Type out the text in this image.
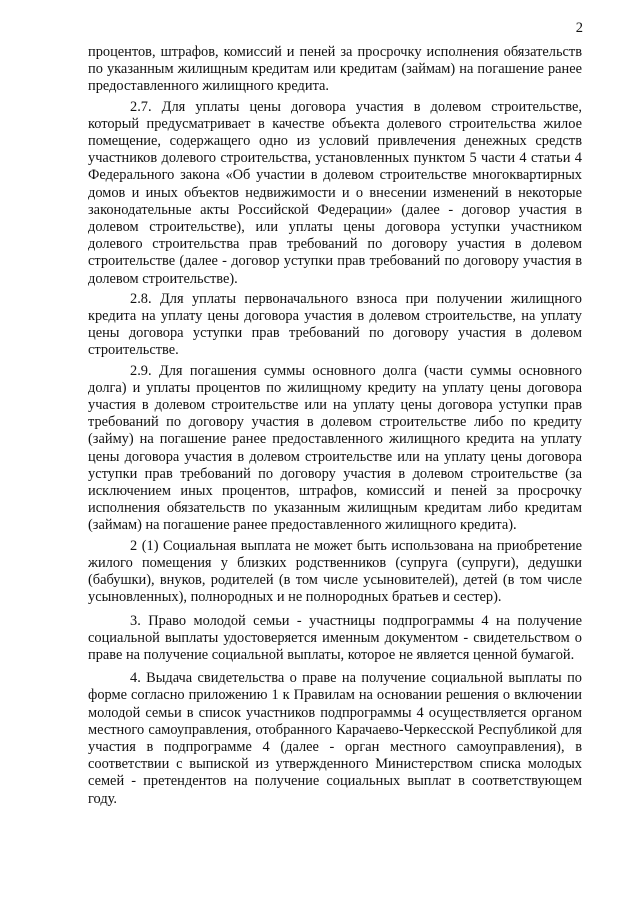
2

процентов, штрафов, комиссий и пеней за просрочку исполнения обязательств по указанным жилищным кредитам или кредитам (займам) на погашение ранее предоставленного жилищного кредита.

2.7. Для уплаты цены договора участия в долевом строительстве, который предусматривает в качестве объекта долевого строительства жилое помещение, содержащего одно из условий привлечения денежных средств участников долевого строительства, установленных пунктом 5 части 4 статьи 4 Федерального закона «Об участии в долевом строительстве многоквартирных домов и иных объектов недвижимости и о внесении изменений в некоторые законодательные акты Российской Федерации» (далее - договор участия в долевом строительстве), или уплаты цены договора уступки участником долевого строительства прав требований по договору участия в долевом строительстве (далее - договор уступки прав требований по договору участия в долевом строительстве).

2.8. Для уплаты первоначального взноса при получении жилищного кредита на уплату цены договора участия в долевом строительстве, на уплату цены договора уступки прав требований по договору участия в долевом строительстве.

2.9. Для погашения суммы основного долга (части суммы основного долга) и уплаты процентов по жилищному кредиту на уплату цены договора участия в долевом строительстве или на уплату цены договора уступки прав требований по договору участия в долевом строительстве либо по кредиту (займу) на погашение ранее предоставленного жилищного кредита на уплату цены договора участия в долевом строительстве или на уплату цены договора уступки прав требований по договору участия в долевом строительстве (за исключением иных процентов, штрафов, комиссий и пеней за просрочку исполнения обязательств по указанным жилищным кредитам либо кредитам (займам) на погашение ранее предоставленного жилищного кредита).

2 (1) Социальная выплата не может быть использована на приобретение жилого помещения у близких родственников (супруга (супруги), дедушки (бабушки), внуков, родителей (в том числе усыновителей), детей (в том числе усыновленных), полнородных и не полнородных братьев и сестер).

3. Право молодой семьи - участницы подпрограммы 4 на получение социальной выплаты удостоверяется именным документом - свидетельством о праве на получение социальной выплаты, которое не является ценной бумагой.

4. Выдача свидетельства о праве на получение социальной выплаты по форме согласно приложению 1 к Правилам на основании решения о включении молодой семьи в список участников подпрограммы 4 осуществляется органом местного самоуправления, отобранного Карачаево-Черкесской Республикой для участия в подпрограмме 4 (далее - орган местного самоуправления), в соответствии с выпиской из утвержденного Министерством списка молодых семей - претендентов на получение социальных выплат в соответствующем году.
